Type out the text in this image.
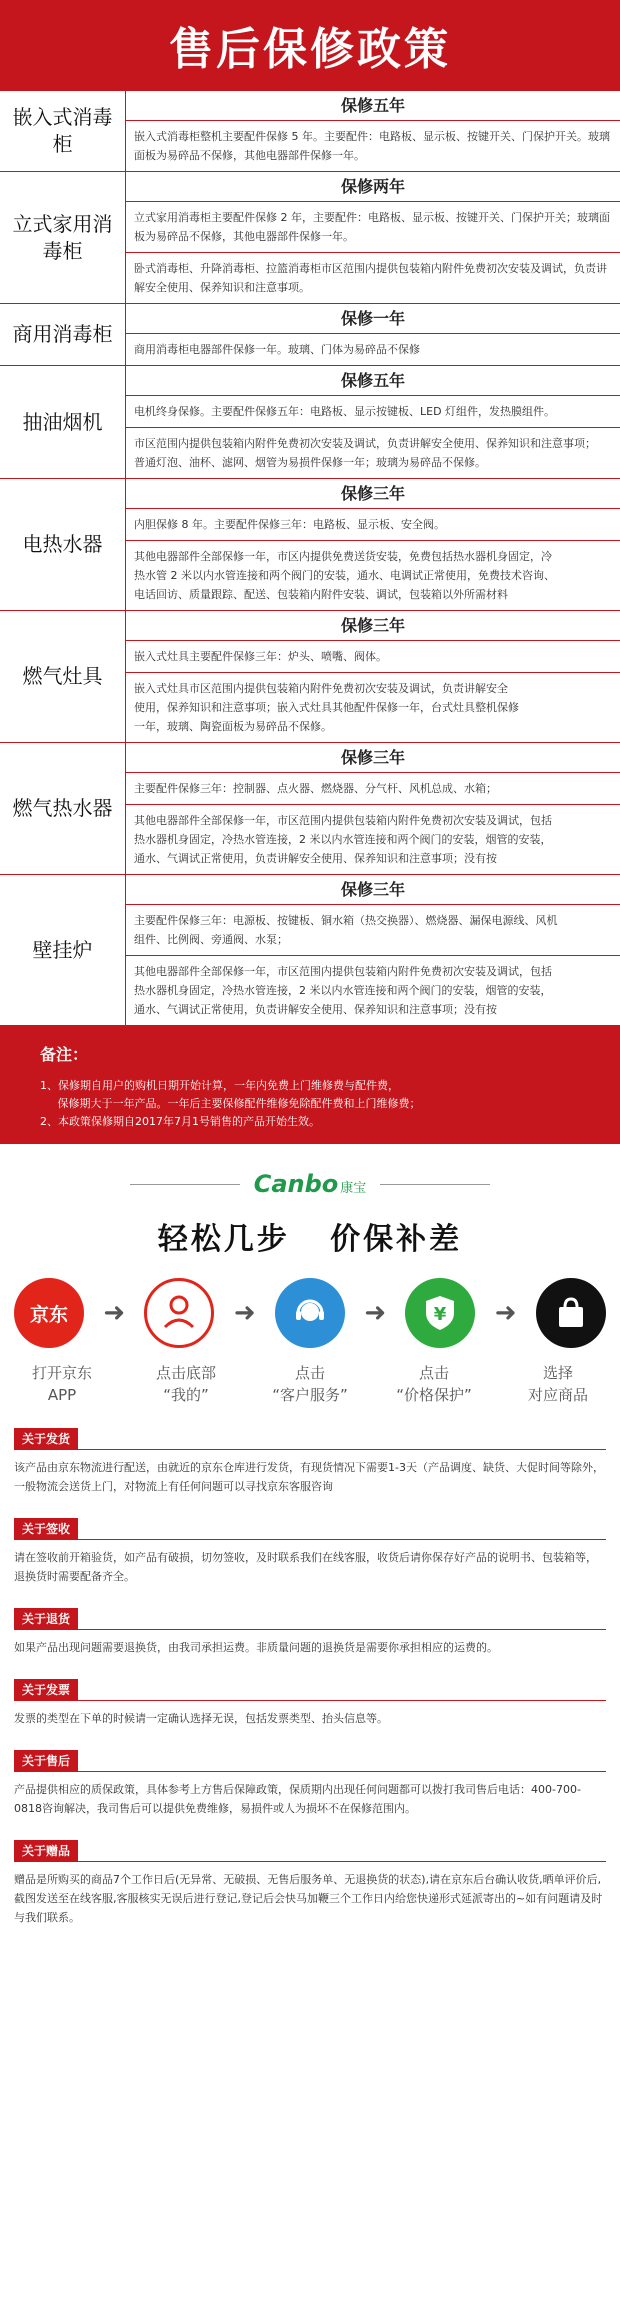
售后保修政策
嵌入式消毒柜
保修五年
嵌入式消毒柜整机主要配件保修 5 年。主要配件：电路板、显示板、按键开关、门保护开关。玻璃面板为易碎品不保修，其他电器部件保修一年。
立式家用消毒柜
保修两年
立式家用消毒柜主要配件保修 2 年，主要配件：电路板、显示板、按键开关、门保护开关；玻璃面板为易碎品不保修，其他电器部件保修一年。
卧式消毒柜、升降消毒柜、拉篮消毒柜市区范围内提供包装箱内附件免费初次安装及调试，负责讲解安全使用、保养知识和注意事项。
商用消毒柜
保修一年
商用消毒柜电器部件保修一年。玻璃、门体为易碎品不保修
抽油烟机
保修五年
电机终身保修。主要配件保修五年：电路板、显示按键板、LED 灯组件，发热膜组件。
市区范围内提供包装箱内附件免费初次安装及调试，负责讲解安全使用、保养知识和注意事项；
普通灯泡、油杯、滤网、烟管为易损件保修一年；玻璃为易碎品不保修。
电热水器
保修三年
内胆保修 8 年。主要配件保修三年：电路板、显示板、安全阀。
其他电器部件全部保修一年，市区内提供免费送货安装，免费包括热水器机身固定，冷
热水管 2 米以内水管连接和两个阀门的安装，通水、电调试正常使用，免费技术咨询、
电话回访、质量跟踪、配送、包装箱内附件安装、调试，包装箱以外所需材料
燃气灶具
保修三年
嵌入式灶具主要配件保修三年：炉头、喷嘴、阀体。
嵌入式灶具市区范围内提供包装箱内附件免费初次安装及调试，负责讲解安全
使用，保养知识和注意事项；嵌入式灶具其他配件保修一年，台式灶具整机保修
一年，玻璃、陶瓷面板为易碎品不保修。
燃气热水器
保修三年
主要配件保修三年：控制器、点火器、燃烧器、分气杆、风机总成、水箱；
其他电器部件全部保修一年，市区范围内提供包装箱内附件免费初次安装及调试，包括
热水器机身固定，冷热水管连接，2 米以内水管连接和两个阀门的安装，烟管的安装，
通水、气调试正常使用，负责讲解安全使用、保养知识和注意事项；没有按
壁挂炉
保修三年
主要配件保修三年：电源板、按键板、铜水箱（热交换器）、燃烧器、漏保电源线、风机
组件、比例阀、旁通阀、水泵；
其他电器部件全部保修一年，市区范围内提供包装箱内附件免费初次安装及调试，包括
热水器机身固定，冷热水管连接，2 米以内水管连接和两个阀门的安装，烟管的安装，
通水、气调试正常使用，负责讲解安全使用、保养知识和注意事项；没有按
备注：
1、保修期自用户的购机日期开始计算，一年内免费上门维修费与配件费，
保修期大于一年产品。一年后主要保修配件维修免除配件费和上门维修费；
2、本政策保修期自2017年7月1号销售的产品开始生效。
Canbo 康宝
轻松几步   价保补差
京东 ➜	➜	➜	¥ ➜
打开京东
APP
点击底部
“我的”
点击
“客户服务”
点击
“价格保护”
选择
对应商品
关于发货
该产品由京东物流进行配送，由就近的京东仓库进行发货，有现货情况下需要1-3天（产品调度、缺货、大促时间等除外，一般物流会送货上门，对物流上有任何问题可以寻找京东客服咨询
关于签收
请在签收前开箱验货，如产品有破损，切勿签收，及时联系我们在线客服，收货后请你保存好产品的说明书、包装箱等，退换货时需要配备齐全。
关于退货
如果产品出现问题需要退换货，由我司承担运费。非质量问题的退换货是需要你承担相应的运费的。
关于发票
发票的类型在下单的时候请一定确认选择无误，包括发票类型、抬头信息等。
关于售后
产品提供相应的质保政策，具体参考上方售后保障政策，保质期内出现任何问题都可以拨打我司售后电话：400-700-0818咨询解决，我司售后可以提供免费维修，易损件或人为损坏不在保修范围内。
关于赠品
赠品是所购买的商品7个工作日后(无异常、无破损、无售后服务单、无退换货的状态),请在京东后台确认收货,晒单评价后,截图发送至在线客服,客服核实无误后进行登记,登记后会快马加鞭三个工作日内给您快递形式延派寄出的~如有问题请及时与我们联系。
